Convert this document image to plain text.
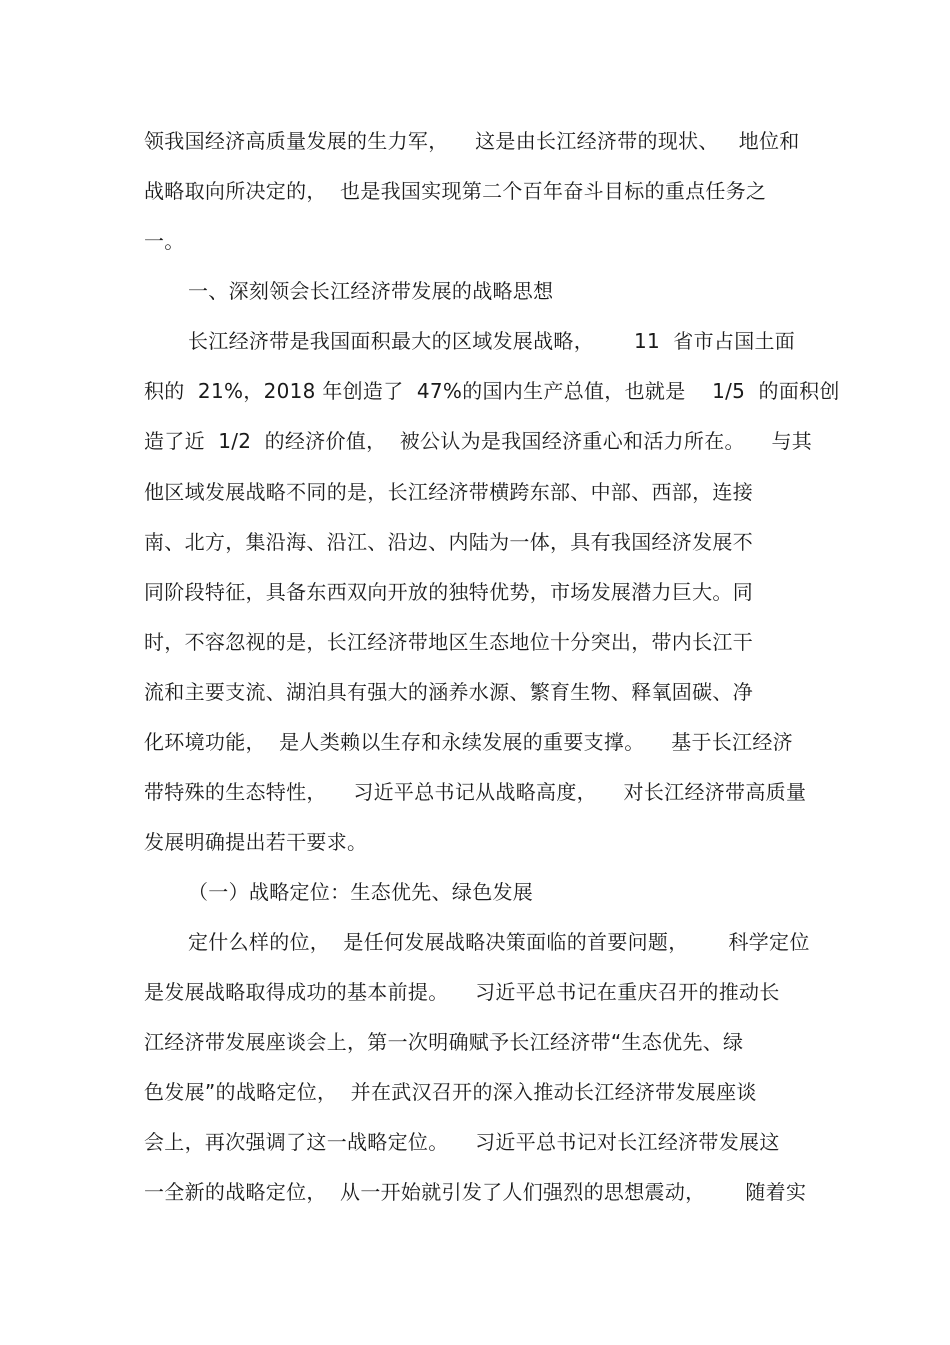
领我国经济高质量发展的生力军，    这是由长江经济带的现状、   地位和
战略取向所决定的，  也是我国实现第二个百年奋斗目标的重点任务之
一。
一、深刻领会长江经济带发展的战略思想
长江经济带是我国面积最大的区域发展战略，      11  省市占国土面
积的  21%，2018 年创造了  47%的国内生产总值，也就是    1/5  的面积创
造了近  1/2  的经济价值，  被公认为是我国经济重心和活力所在。    与其
他区域发展战略不同的是，长江经济带横跨东部、中部、西部，连接
南、北方，集沿海、沿江、沿边、内陆为一体，具有我国经济发展不
同阶段特征，具备东西双向开放的独特优势，市场发展潜力巨大。同
时，不容忽视的是，长江经济带地区生态地位十分突出，带内长江干
流和主要支流、湖泊具有强大的涵养水源、繁育生物、释氧固碳、净
化环境功能，  是人类赖以生存和永续发展的重要支撑。    基于长江经济
带特殊的生态特性，    习近平总书记从战略高度，    对长江经济带高质量
发展明确提出若干要求。
（一）战略定位：生态优先、绿色发展
定什么样的位，  是任何发展战略决策面临的首要问题，      科学定位
是发展战略取得成功的基本前提。    习近平总书记在重庆召开的推动长
江经济带发展座谈会上，第一次明确赋予长江经济带“生态优先、绿
色发展”的战略定位，  并在武汉召开的深入推动长江经济带发展座谈
会上，再次强调了这一战略定位。    习近平总书记对长江经济带发展这
一全新的战略定位，  从一开始就引发了人们强烈的思想震动，      随着实
